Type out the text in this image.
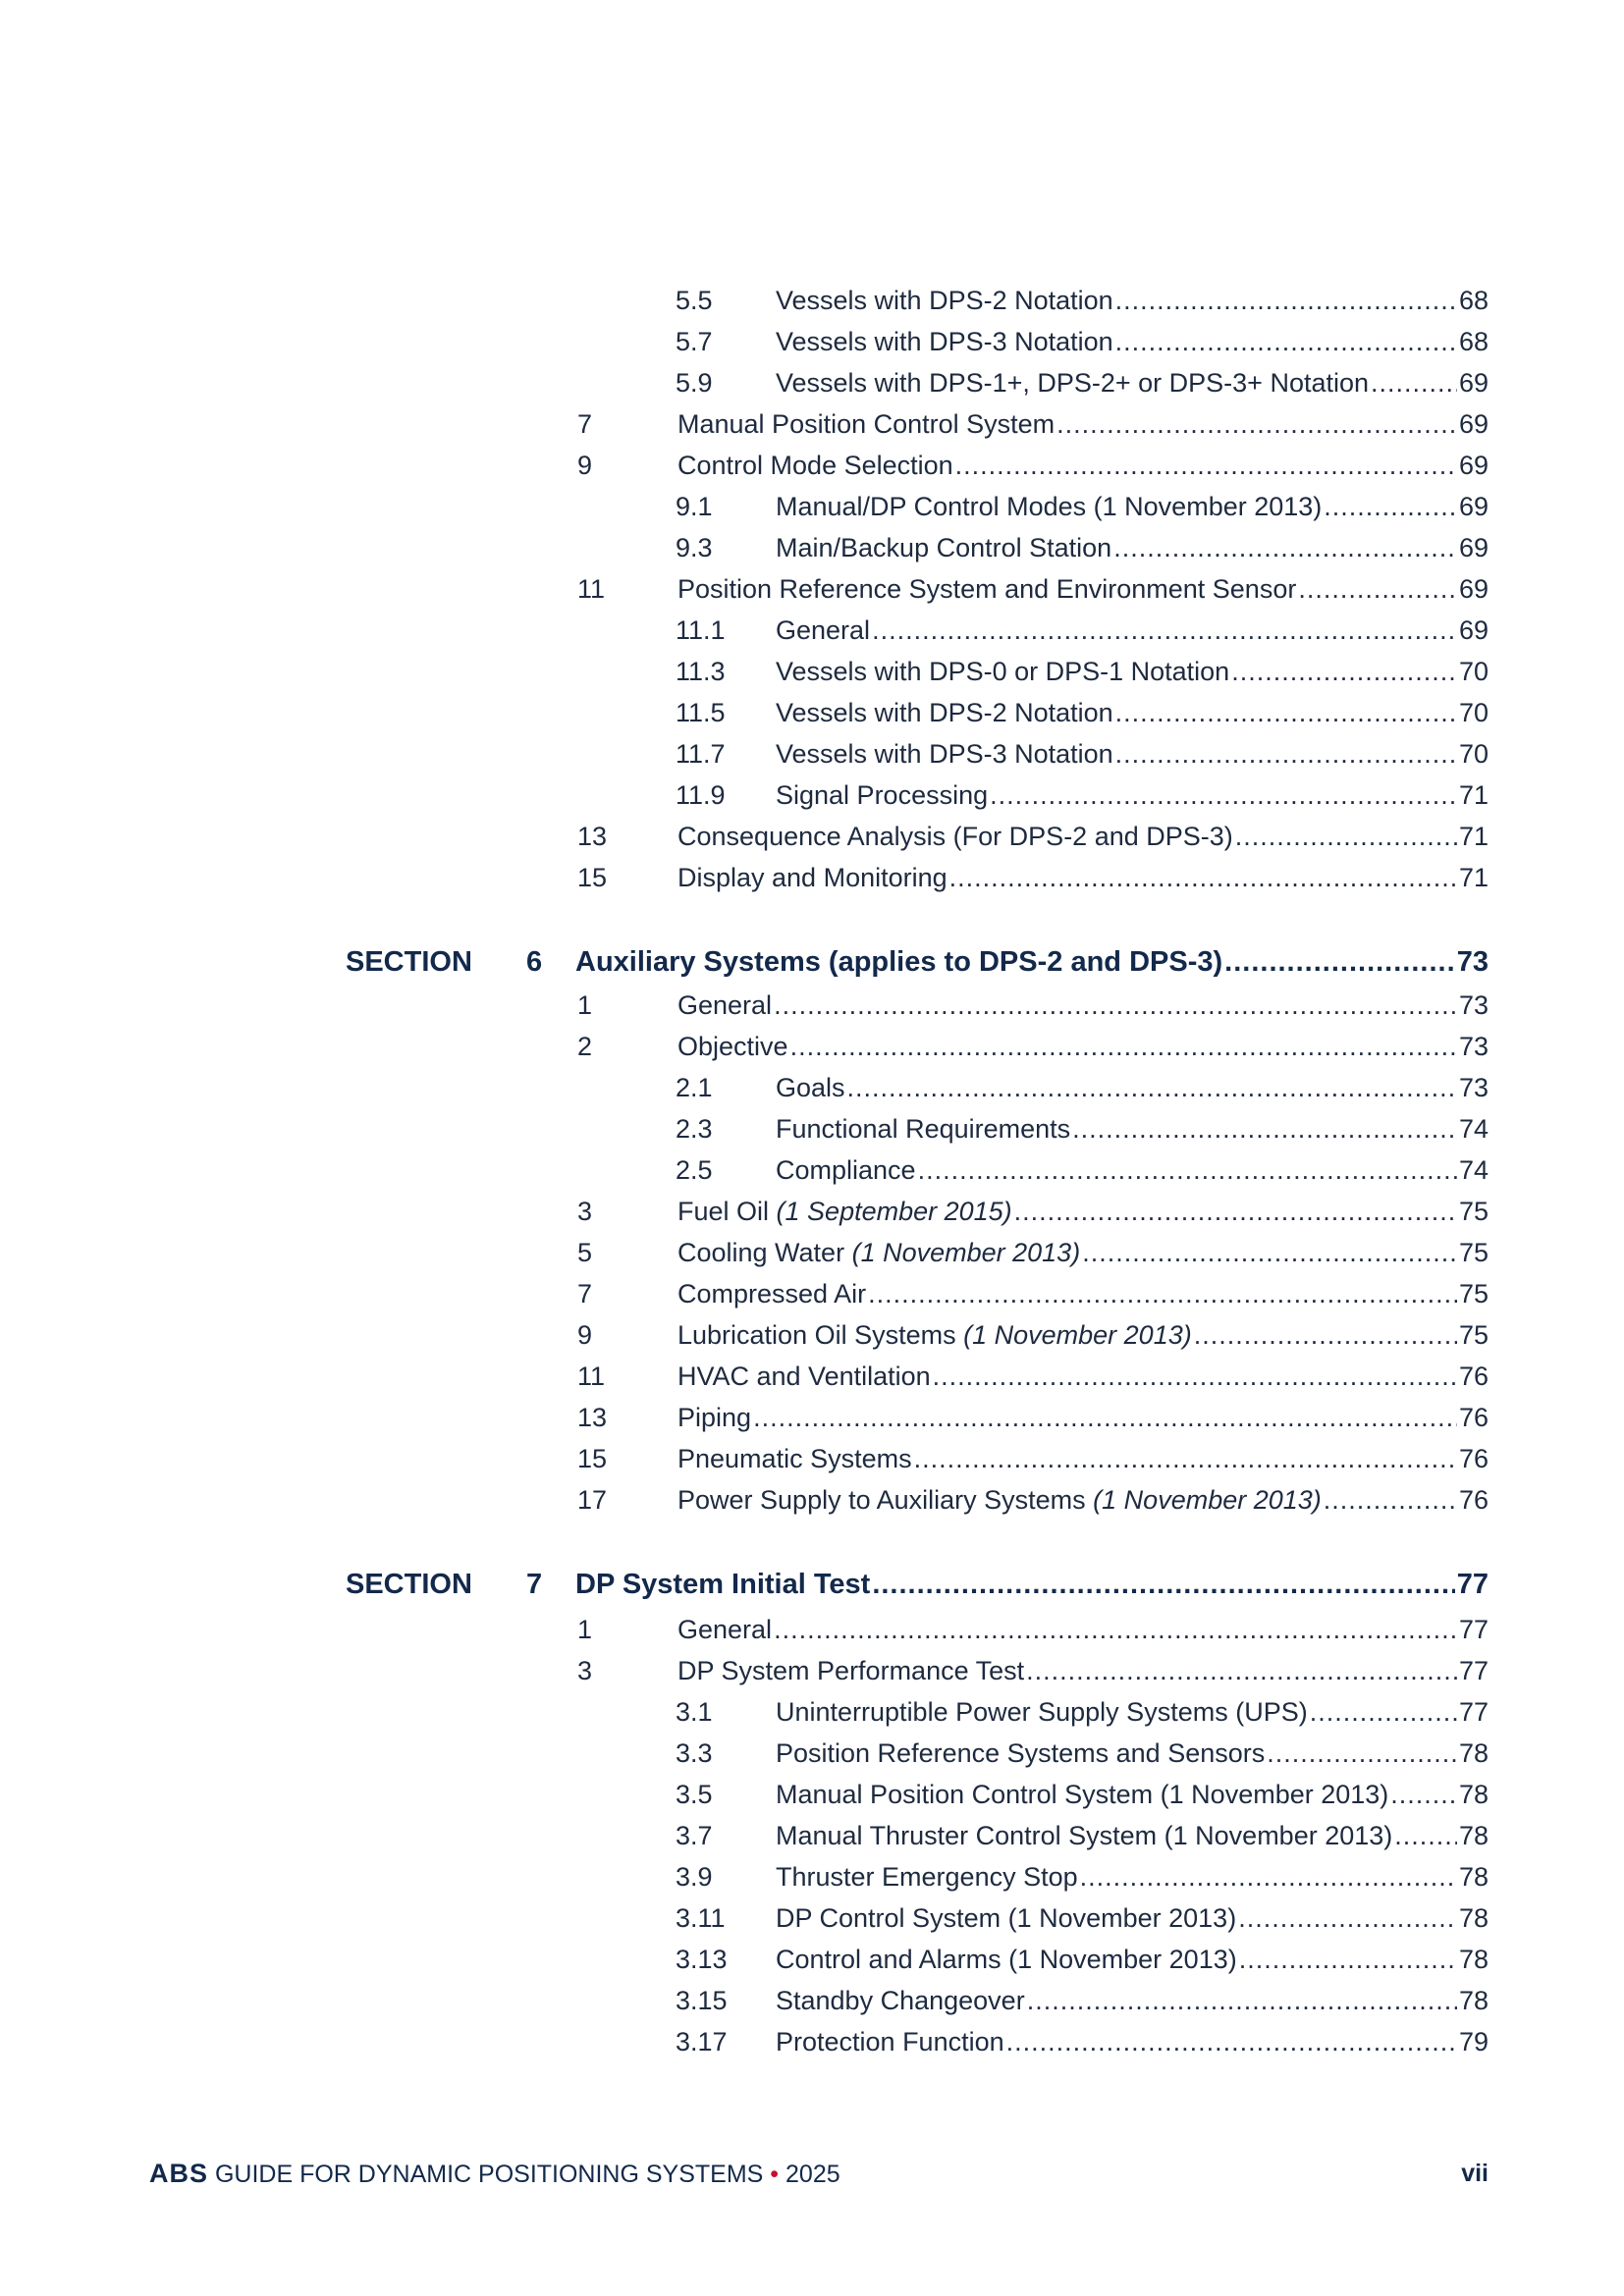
5.5 Vessels with DPS-2 Notation .....	68
5.7 Vessels with DPS-3 Notation .....	68
5.9 Vessels with DPS-1+, DPS-2+ or DPS-3+ Notation .....	69
7	Manual Position Control System .....	69
9	Control Mode Selection .....	69
9.1 Manual/DP Control Modes (1 November 2013) .....	69
9.3 Main/Backup Control Station .....	69
11	Position Reference System and Environment Sensor .....	69
11.1 General .....	69
11.3 Vessels with DPS-0 or DPS-1 Notation .....	70
11.5 Vessels with DPS-2 Notation .....	70
11.7 Vessels with DPS-3 Notation .....	70
11.9 Signal Processing .....	71
13	Consequence Analysis (For DPS-2 and DPS-3) .....	71
15	Display and Monitoring .....	71
SECTION 6 Auxiliary Systems (applies to DPS-2 and DPS-3) .....	73
1	General .....	73
2	Objective .....	73
2.1 Goals .....	73
2.3 Functional Requirements .....	74
2.5 Compliance .....	74
3	Fuel Oil (1 September 2015) .....	75
5	Cooling Water (1 November 2013) .....	75
7	Compressed Air .....	75
9	Lubrication Oil Systems (1 November 2013) .....	75
11	HVAC and Ventilation .....	76
13	Piping .....	76
15	Pneumatic Systems .....	76
17	Power Supply to Auxiliary Systems (1 November 2013) .....	76
SECTION 7 DP System Initial Test .....	77
1	General .....	77
3	DP System Performance Test .....	77
3.1 Uninterruptible Power Supply Systems (UPS) .....	77
3.3 Position Reference Systems and Sensors .....	78
3.5 Manual Position Control System (1 November 2013) .....	78
3.7 Manual Thruster Control System (1 November 2013) .....	78
3.9 Thruster Emergency Stop .....	78
3.11 DP Control System (1 November 2013) .....	78
3.13 Control and Alarms (1 November 2013) .....	78
3.15 Standby Changeover .....	78
3.17 Protection Function .....	79
ABS GUIDE FOR DYNAMIC POSITIONING SYSTEMS • 2025	vii
